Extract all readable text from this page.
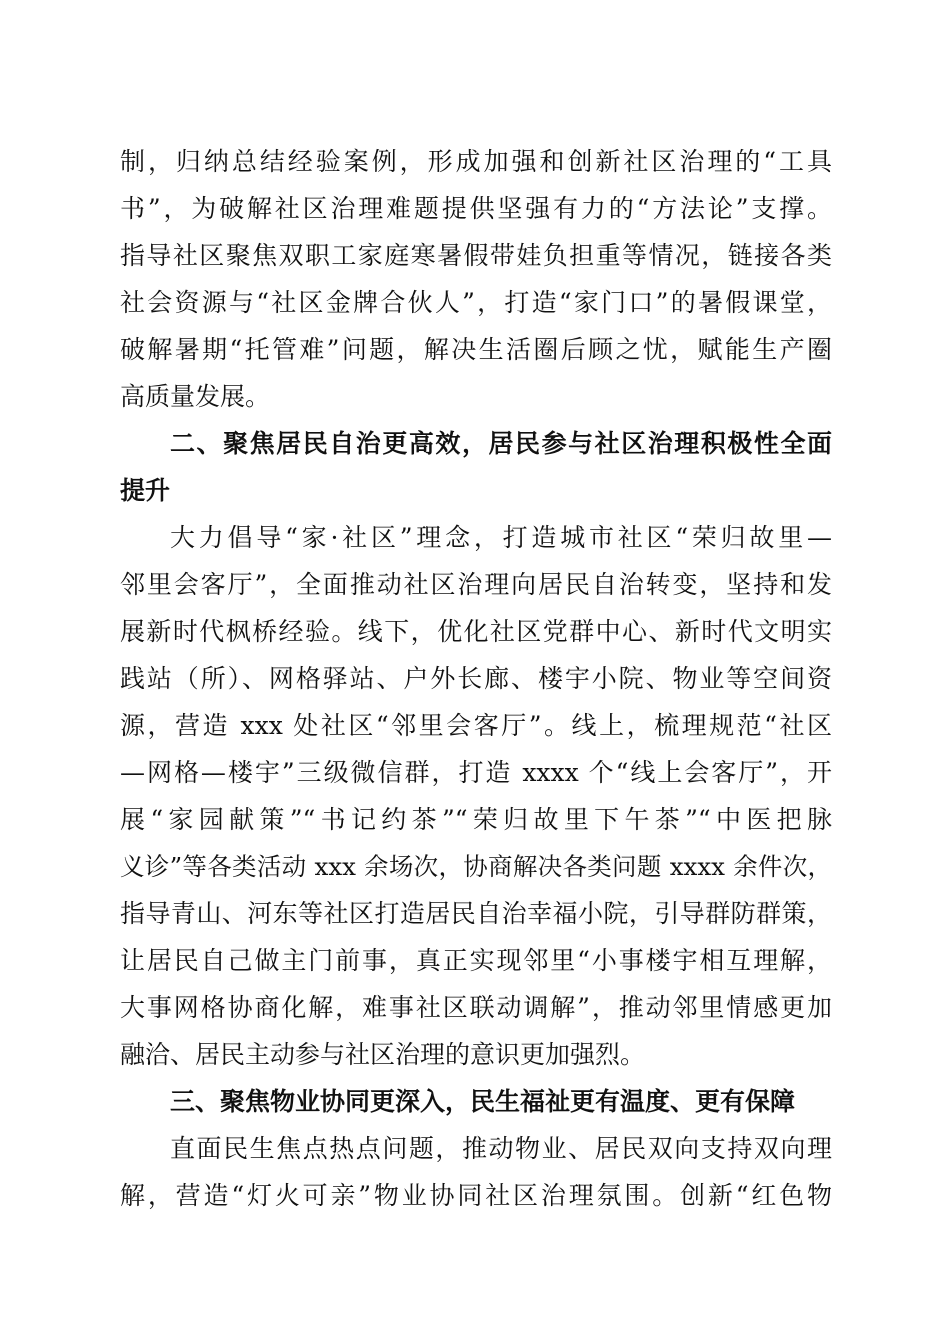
制，归纳总结经验案例，形成加强和创新社区治理的“工具
书”，为破解社区治理难题提供坚强有力的“方法论”支撑。
指导社区聚焦双职工家庭寒暑假带娃负担重等情况，链接各类
社会资源与“社区金牌合伙人”，打造“家门口”的暑假课堂，
破解暑期“托管难”问题，解决生活圈后顾之忧，赋能生产圈
高质量发展。
二、聚焦居民自治更高效，居民参与社区治理积极性全面
提升
大力倡导“家·社区”理念，打造城市社区“荣归故里—
邻里会客厅”，全面推动社区治理向居民自治转变，坚持和发
展新时代枫桥经验。线下，优化社区党群中心、新时代文明实
践站（所）、网格驿站、户外长廊、楼宇小院、物业等空间资
源，营造 xxx 处社区“邻里会客厅”。线上，梳理规范“社区
—网格—楼宇”三级微信群，打造 xxxx 个“线上会客厅”，开
展“家园献策”“书记约茶”“荣归故里下午茶”“中医把脉
义诊”等各类活动 xxx 余场次，协商解决各类问题 xxxx 余件次，
指导青山、河东等社区打造居民自治幸福小院，引导群防群策，
让居民自己做主门前事，真正实现邻里“小事楼宇相互理解，
大事网格协商化解，难事社区联动调解”，推动邻里情感更加
融洽、居民主动参与社区治理的意识更加强烈。
三、聚焦物业协同更深入，民生福祉更有温度、更有保障
直面民生焦点热点问题，推动物业、居民双向支持双向理
解，营造“灯火可亲”物业协同社区治理氛围。创新“红色物
